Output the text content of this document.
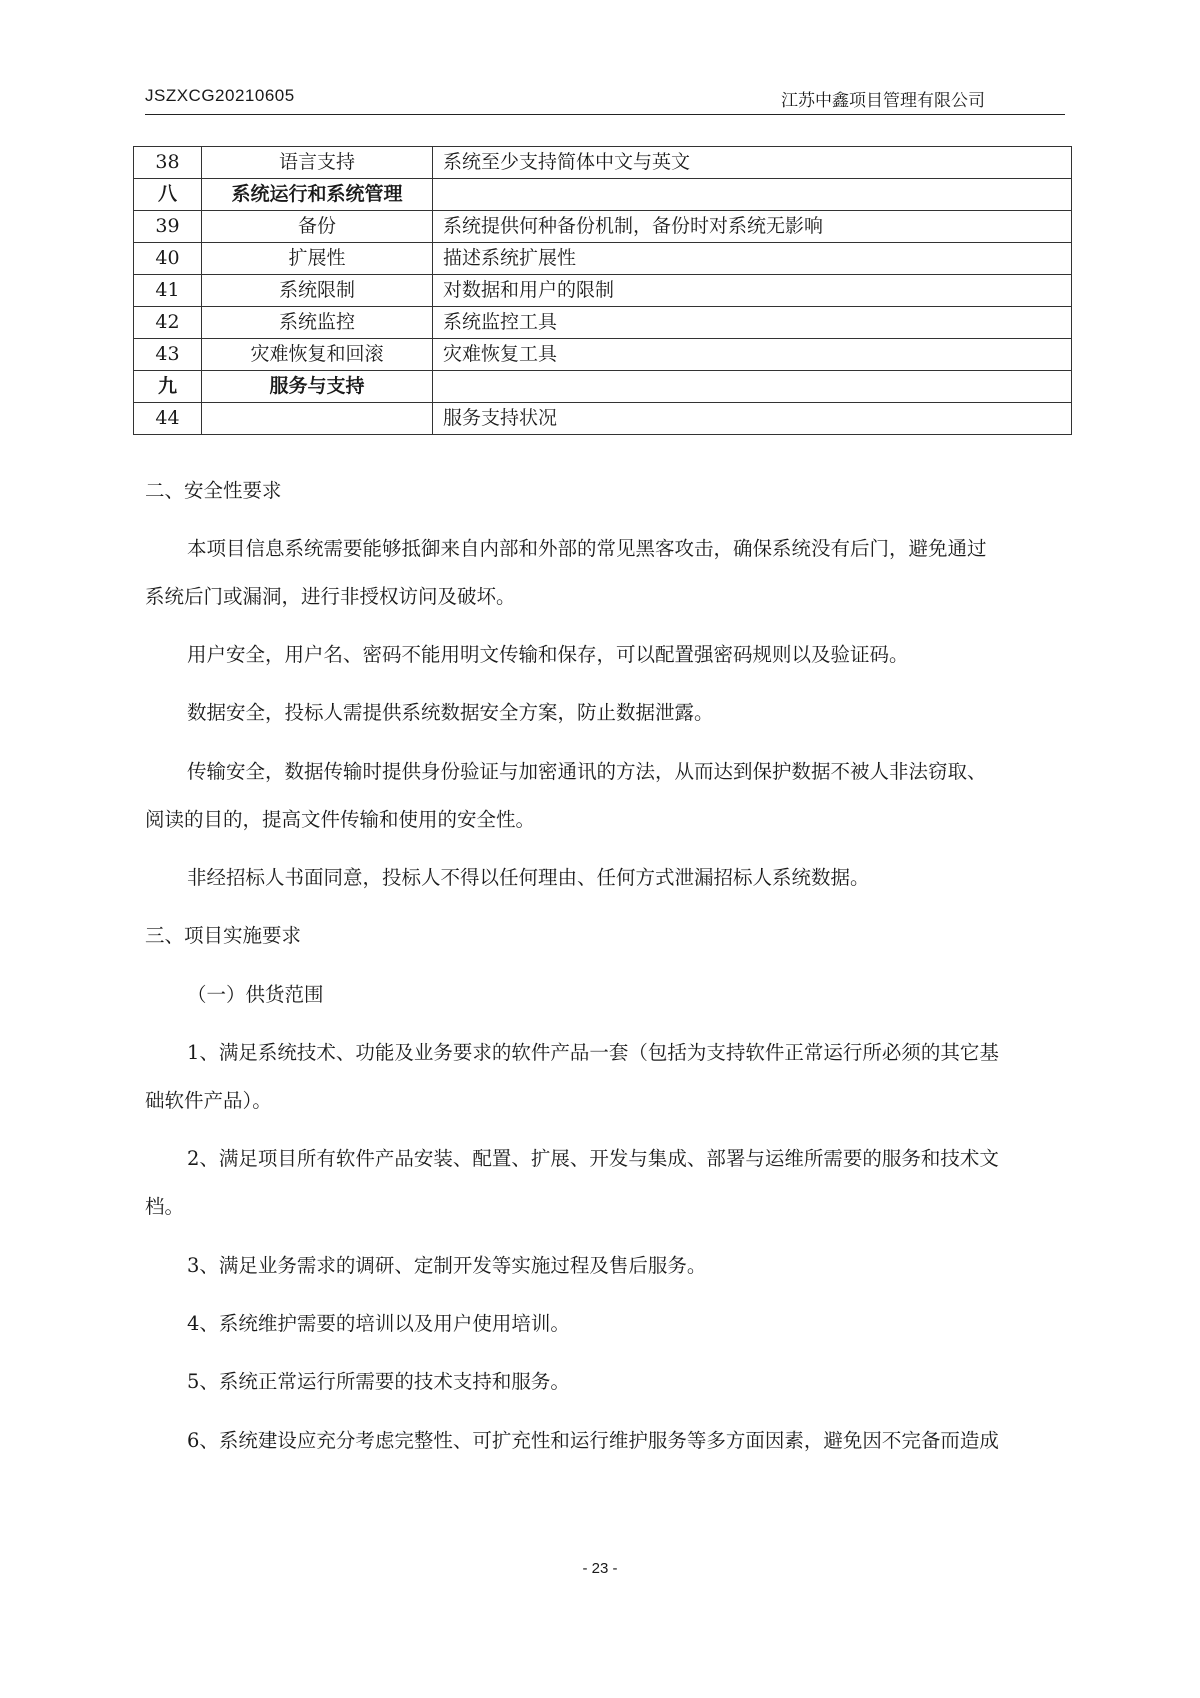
JSZXCG20210605	江苏中鑫项目管理有限公司
38	语言支持	系统至少支持简体中文与英文
八	系统运行和系统管理	
39	备份	系统提供何种备份机制，备份时对系统无影响
40	扩展性	描述系统扩展性
41	系统限制	对数据和用户的限制
42	系统监控	系统监控工具
43	灾难恢复和回滚	灾难恢复工具
九	服务与支持	
44		服务支持状况
二、安全性要求
本项目信息系统需要能够抵御来自内部和外部的常见黑客攻击，确保系统没有后门，避免通过
系统后门或漏洞，进行非授权访问及破坏。
用户安全，用户名、密码不能用明文传输和保存，可以配置强密码规则以及验证码。
数据安全，投标人需提供系统数据安全方案，防止数据泄露。
传输安全，数据传输时提供身份验证与加密通讯的方法，从而达到保护数据不被人非法窃取、
阅读的目的，提高文件传输和使用的安全性。
非经招标人书面同意，投标人不得以任何理由、任何方式泄漏招标人系统数据。
三、项目实施要求
（一）供货范围
1、满足系统技术、功能及业务要求的软件产品一套（包括为支持软件正常运行所必须的其它基
础软件产品）。
2、满足项目所有软件产品安装、配置、扩展、开发与集成、部署与运维所需要的服务和技术文
档。
3、满足业务需求的调研、定制开发等实施过程及售后服务。
4、系统维护需要的培训以及用户使用培训。
5、系统正常运行所需要的技术支持和服务。
6、系统建设应充分考虑完整性、可扩充性和运行维护服务等多方面因素，避免因不完备而造成
- 23 -
